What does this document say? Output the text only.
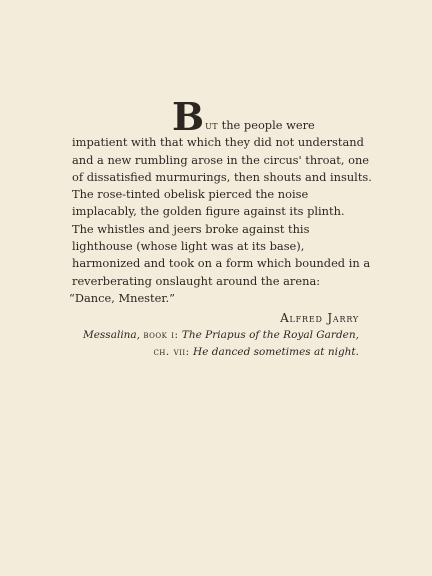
But the people were impatient with that which they did not understand and a new rumbling arose in the circus' throat, one of dissatisfied murmurings, then shouts and insults.

The rose-tinted obelisk pierced the noise implacably, the golden figure against its plinth.

The whistles and jeers broke against this lighthouse (whose light was at its base), harmonized and took on a form which bounded in a reverberating onslaught around the arena:

“Dance, Mnester.”

Alfred Jarry
Messalina, book i: The Priapus of the Royal Garden,
ch. vii: He danced sometimes at night.
